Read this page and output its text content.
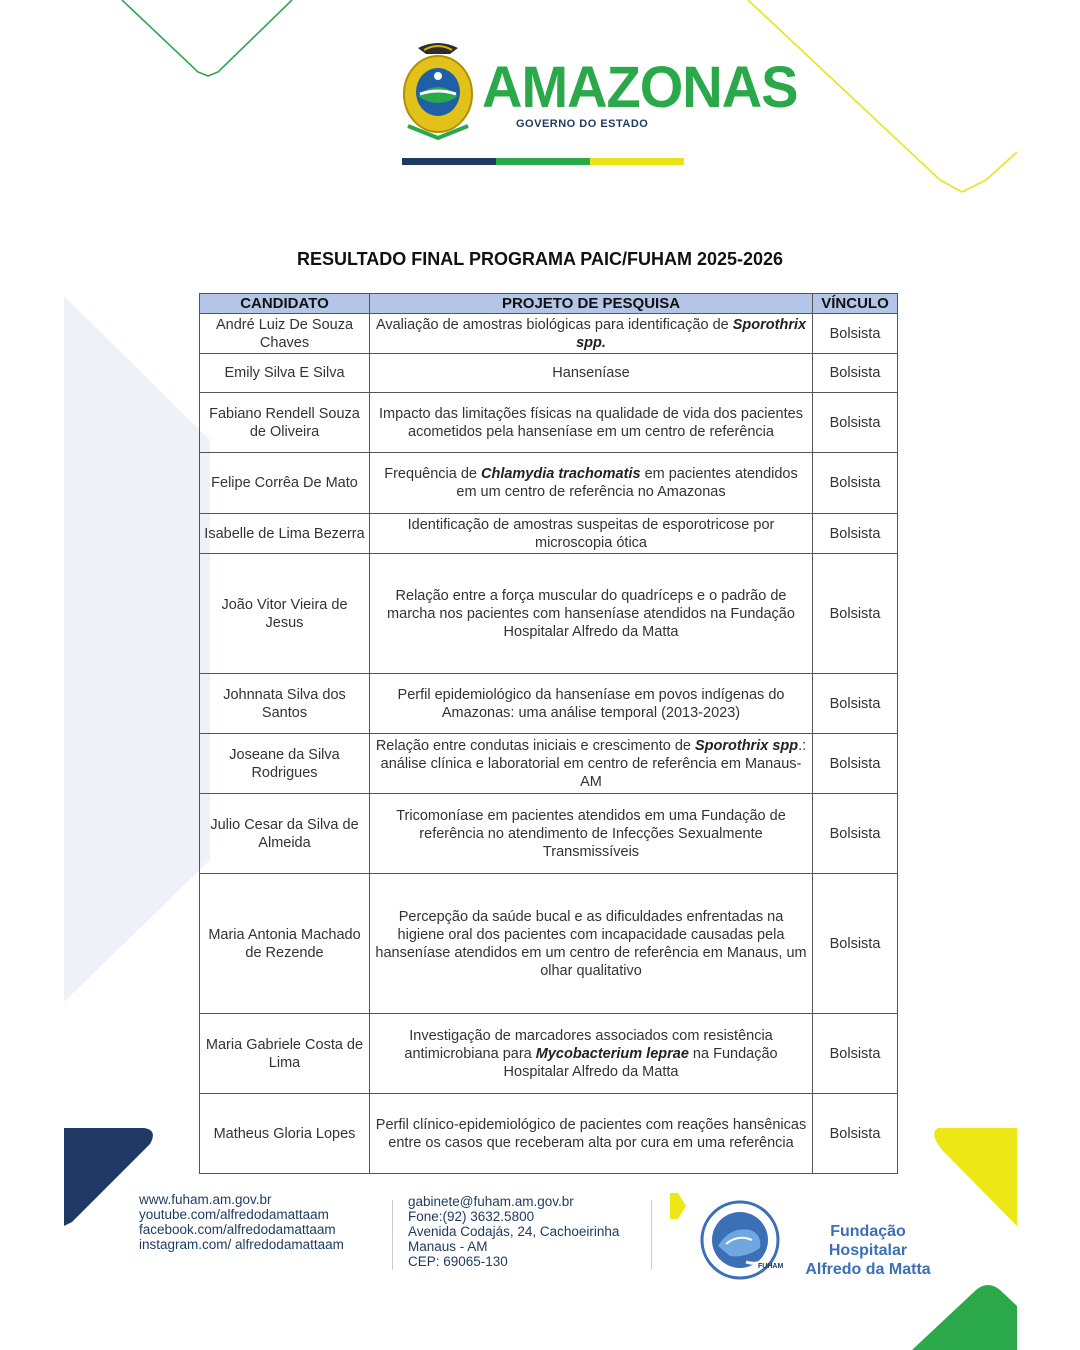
AMAZONAS
GOVERNO DO ESTADO
RESULTADO FINAL PROGRAMA PAIC/FUHAM 2025-2026
CANDIDATO	PROJETO DE PESQUISA	VÍNCULO
André Luiz De Souza Chaves	Avaliação de amostras biológicas para identificação de Sporothrix spp.	Bolsista
Emily Silva E Silva	Hanseníase	Bolsista
Fabiano Rendell Souza de Oliveira	Impacto das limitações físicas na qualidade de vida dos pacientes acometidos pela hanseníase em um centro de referência	Bolsista
Felipe Corrêa De Mato	Frequência de Chlamydia trachomatis em pacientes atendidos em um centro de referência no Amazonas	Bolsista
Isabelle de Lima Bezerra	Identificação de amostras suspeitas de esporotricose por microscopia ótica	Bolsista
João Vitor Vieira de Jesus	Relação entre a força muscular do quadríceps e o padrão de marcha nos pacientes com hanseníase atendidos na Fundação Hospitalar Alfredo da Matta	Bolsista
Johnnata Silva dos Santos	Perfil epidemiológico da hanseníase em povos indígenas do Amazonas: uma análise temporal (2013-2023)	Bolsista
Joseane da Silva Rodrigues	Relação entre condutas iniciais e crescimento de Sporothrix spp.: análise clínica e laboratorial em centro de referência em Manaus-AM	Bolsista
Julio Cesar da Silva de Almeida	Tricomoníase em pacientes atendidos em uma Fundação de referência no atendimento de Infecções Sexualmente Transmissíveis	Bolsista
Maria Antonia Machado de Rezende	Percepção da saúde bucal e as dificuldades enfrentadas na higiene oral dos pacientes com incapacidade causadas pela hanseníase atendidos em um centro de referência em Manaus, um olhar qualitativo	Bolsista
Maria Gabriele Costa de Lima	Investigação de marcadores associados com resistência antimicrobiana para Mycobacterium leprae na Fundação Hospitalar Alfredo da Matta	Bolsista
Matheus Gloria Lopes	Perfil clínico-epidemiológico de pacientes com reações hansênicas entre os casos que receberam alta por cura em uma referência	Bolsista
www.fuham.am.gov.br
youtube.com/alfredodamattaam
facebook.com/alfredodamattaam
instagram.com/ alfredodamattaam
gabinete@fuham.am.gov.br
Fone:(92) 3632.5800
Avenida Codajás, 24, Cachoeirinha
Manaus - AM
CEP: 69065-130	FUHAM
Fundação
Hospitalar
Alfredo da Matta
